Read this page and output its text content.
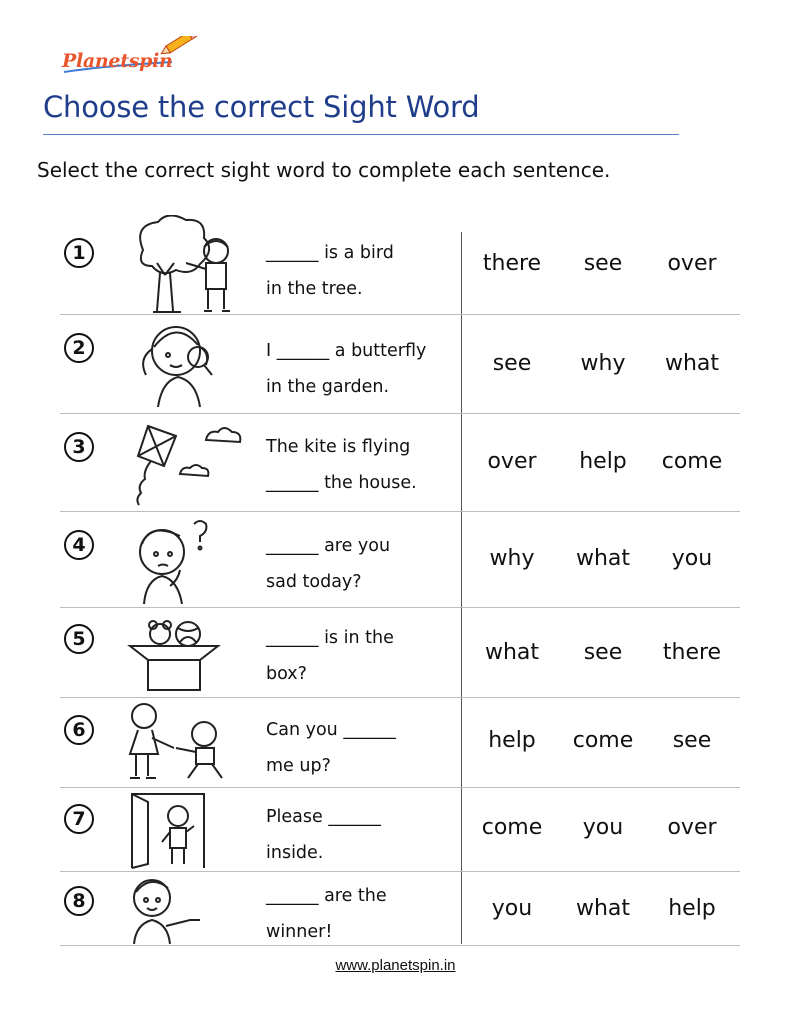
Planetspin
Choose the correct Sight Word
Select the correct sight word to complete each sentence.
1	______ is a bird
in the tree.
there	see	over
2	I ______ a butterfly
in the garden.
see	why	what
3	The kite is flying
______ the house.
over	help	come
4	______ are you
sad today?
why	what	you
5	______ is in the
box?
what	see	there
6	Can you ______
me up?
help	come	see
7	Please ______
inside.
come	you	over
8	______ are the
winner!
you	what	help
www.planetspin.in
